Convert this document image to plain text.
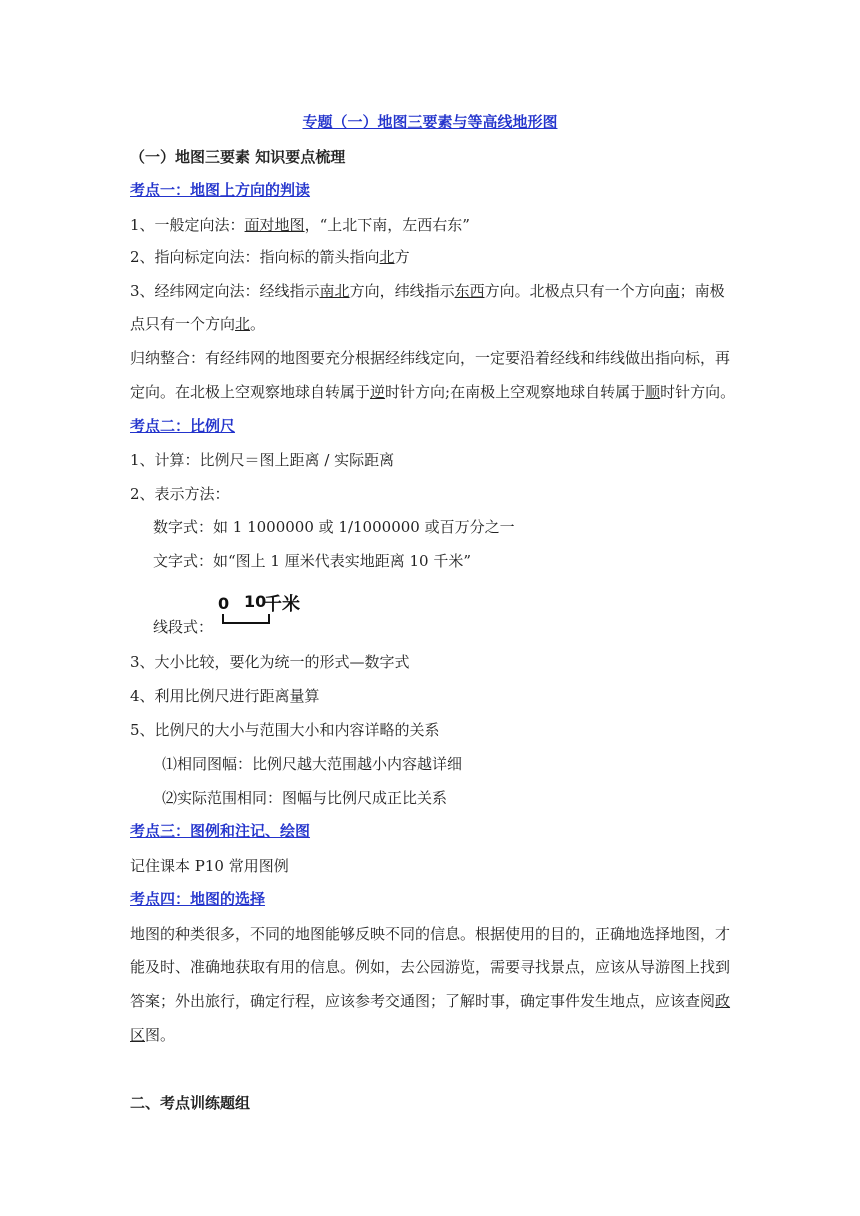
专题（一）地图三要素与等高线地形图
（一）地图三要素 知识要点梳理
考点一：地图上方向的判读
1、一般定向法：面对地图，“上北下南，左西右东”
2、指向标定向法：指向标的箭头指向北方
3、经纬网定向法：经线指示南北方向，纬线指示东西方向。北极点只有一个方向南；南极
点只有一个方向北。
归纳整合：有经纬网的地图要充分根据经纬线定向，一定要沿着经线和纬线做出指向标，再
定向。在北极上空观察地球自转属于逆时针方向;在南极上空观察地球自转属于顺时针方向。
考点二：比例尺
1、计算：比例尺＝图上距离 / 实际距离
2、表示方法：
数字式：如 1 1000000 或 1/1000000 或百万分之一
文字式：如“图上 1 厘米代表实地距离 10 千米”
线段式：
0 10
千米
3、大小比较，要化为统一的形式—数字式
4、利用比例尺进行距离量算
5、比例尺的大小与范围大小和内容详略的关系
⑴相同图幅：比例尺越大范围越小内容越详细
⑵实际范围相同：图幅与比例尺成正比关系
考点三：图例和注记、绘图
记住课本 P10 常用图例
考点四：地图的选择
地图的种类很多，不同的地图能够反映不同的信息。根据使用的目的，正确地选择地图，才
能及时、准确地获取有用的信息。例如，去公园游览，需要寻找景点，应该从导游图上找到
答案；外出旅行，确定行程，应该参考交通图；了解时事，确定事件发生地点，应该查阅政
区图。
二、考点训练题组
